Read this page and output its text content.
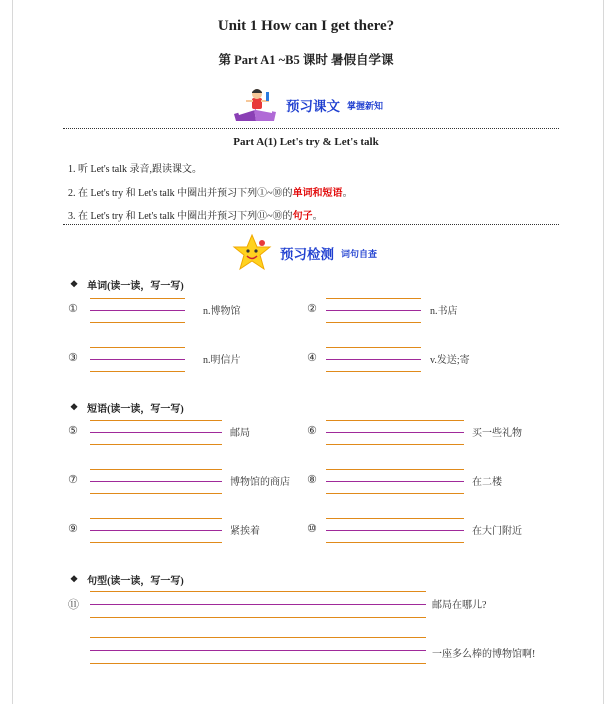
Unit 1 How can I get there?
第 Part A1 ~B5 课时 暑假自学课
预习课文 掌握新知
Part A(1) Let's try & Let's talk
1. 听 Let's talk 录音,跟读课文。
2. 在 Let's try 和 Let's talk 中圈出并预习下列①~⑩的单词和短语。
3. 在 Let's try 和 Let's talk 中圈出并预习下列⑪~⑩的句子。
预习检测 词句自查
❖ 单词(读一读，写一写)
①	n.博物馆	②	n.书店
③	n.明信片	④	v.发送;寄
❖ 短语(读一读，写一写)
⑤	邮局	⑥	买一些礼物
⑦	博物馆的商店 ⑧	在二楼
⑨	紧挨着	⑩	在大门附近
❖ 句型(读一读，写一写)
⑪	邮局在哪儿?
一座多么棒的博物馆啊!
